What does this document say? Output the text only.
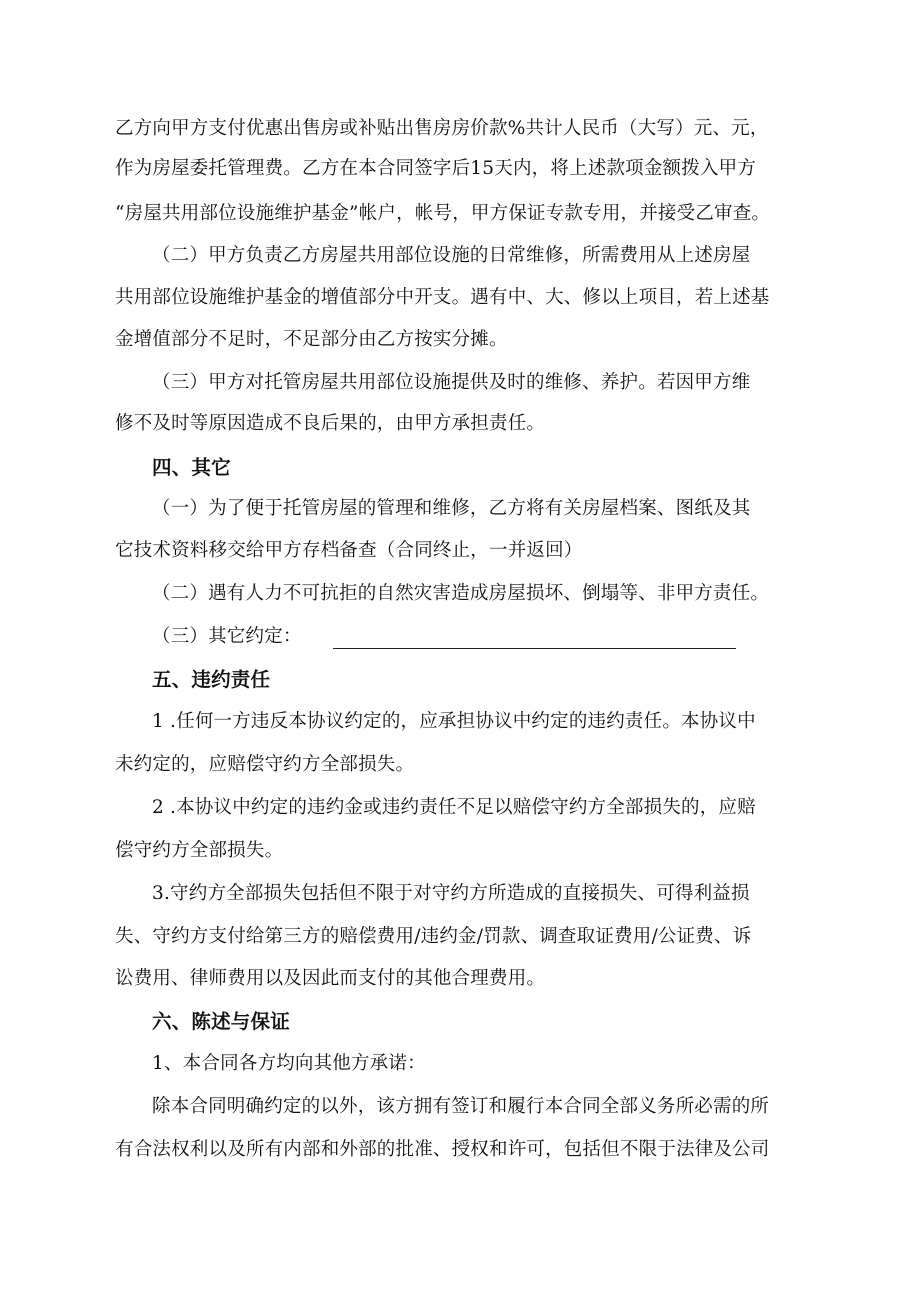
乙方向甲方支付优惠出售房或补贴出售房房价款%共计人民币（大写）元、元，
作为房屋委托管理费。乙方在本合同签字后15天内，将上述款项金额拨入甲方
“房屋共用部位设施维护基金”帐户，帐号，甲方保证专款专用，并接受乙审查。
（二）甲方负责乙方房屋共用部位设施的日常维修，所需费用从上述房屋
共用部位设施维护基金的增值部分中开支。遇有中、大、修以上项目，若上述基
金增值部分不足时，不足部分由乙方按实分摊。
（三）甲方对托管房屋共用部位设施提供及时的维修、养护。若因甲方维
修不及时等原因造成不良后果的，由甲方承担责任。
四、其它
（一）为了便于托管房屋的管理和维修，乙方将有关房屋档案、图纸及其
它技术资料移交给甲方存档备查（合同终止，一并返回）
（二）遇有人力不可抗拒的自然灾害造成房屋损坏、倒塌等、非甲方责任。
（三）其它约定：
五、违约责任
1 .任何一方违反本协议约定的，应承担协议中约定的违约责任。本协议中
未约定的，应赔偿守约方全部损失。
2 .本协议中约定的违约金或违约责任不足以赔偿守约方全部损失的，应赔
偿守约方全部损失。
3.守约方全部损失包括但不限于对守约方所造成的直接损失、可得利益损
失、守约方支付给第三方的赔偿费用/违约金/罚款、调查取证费用/公证费、诉
讼费用、律师费用以及因此而支付的其他合理费用。
六、陈述与保证
1、本合同各方均向其他方承诺：
除本合同明确约定的以外，该方拥有签订和履行本合同全部义务所必需的所
有合法权利以及所有内部和外部的批准、授权和许可，包括但不限于法律及公司
